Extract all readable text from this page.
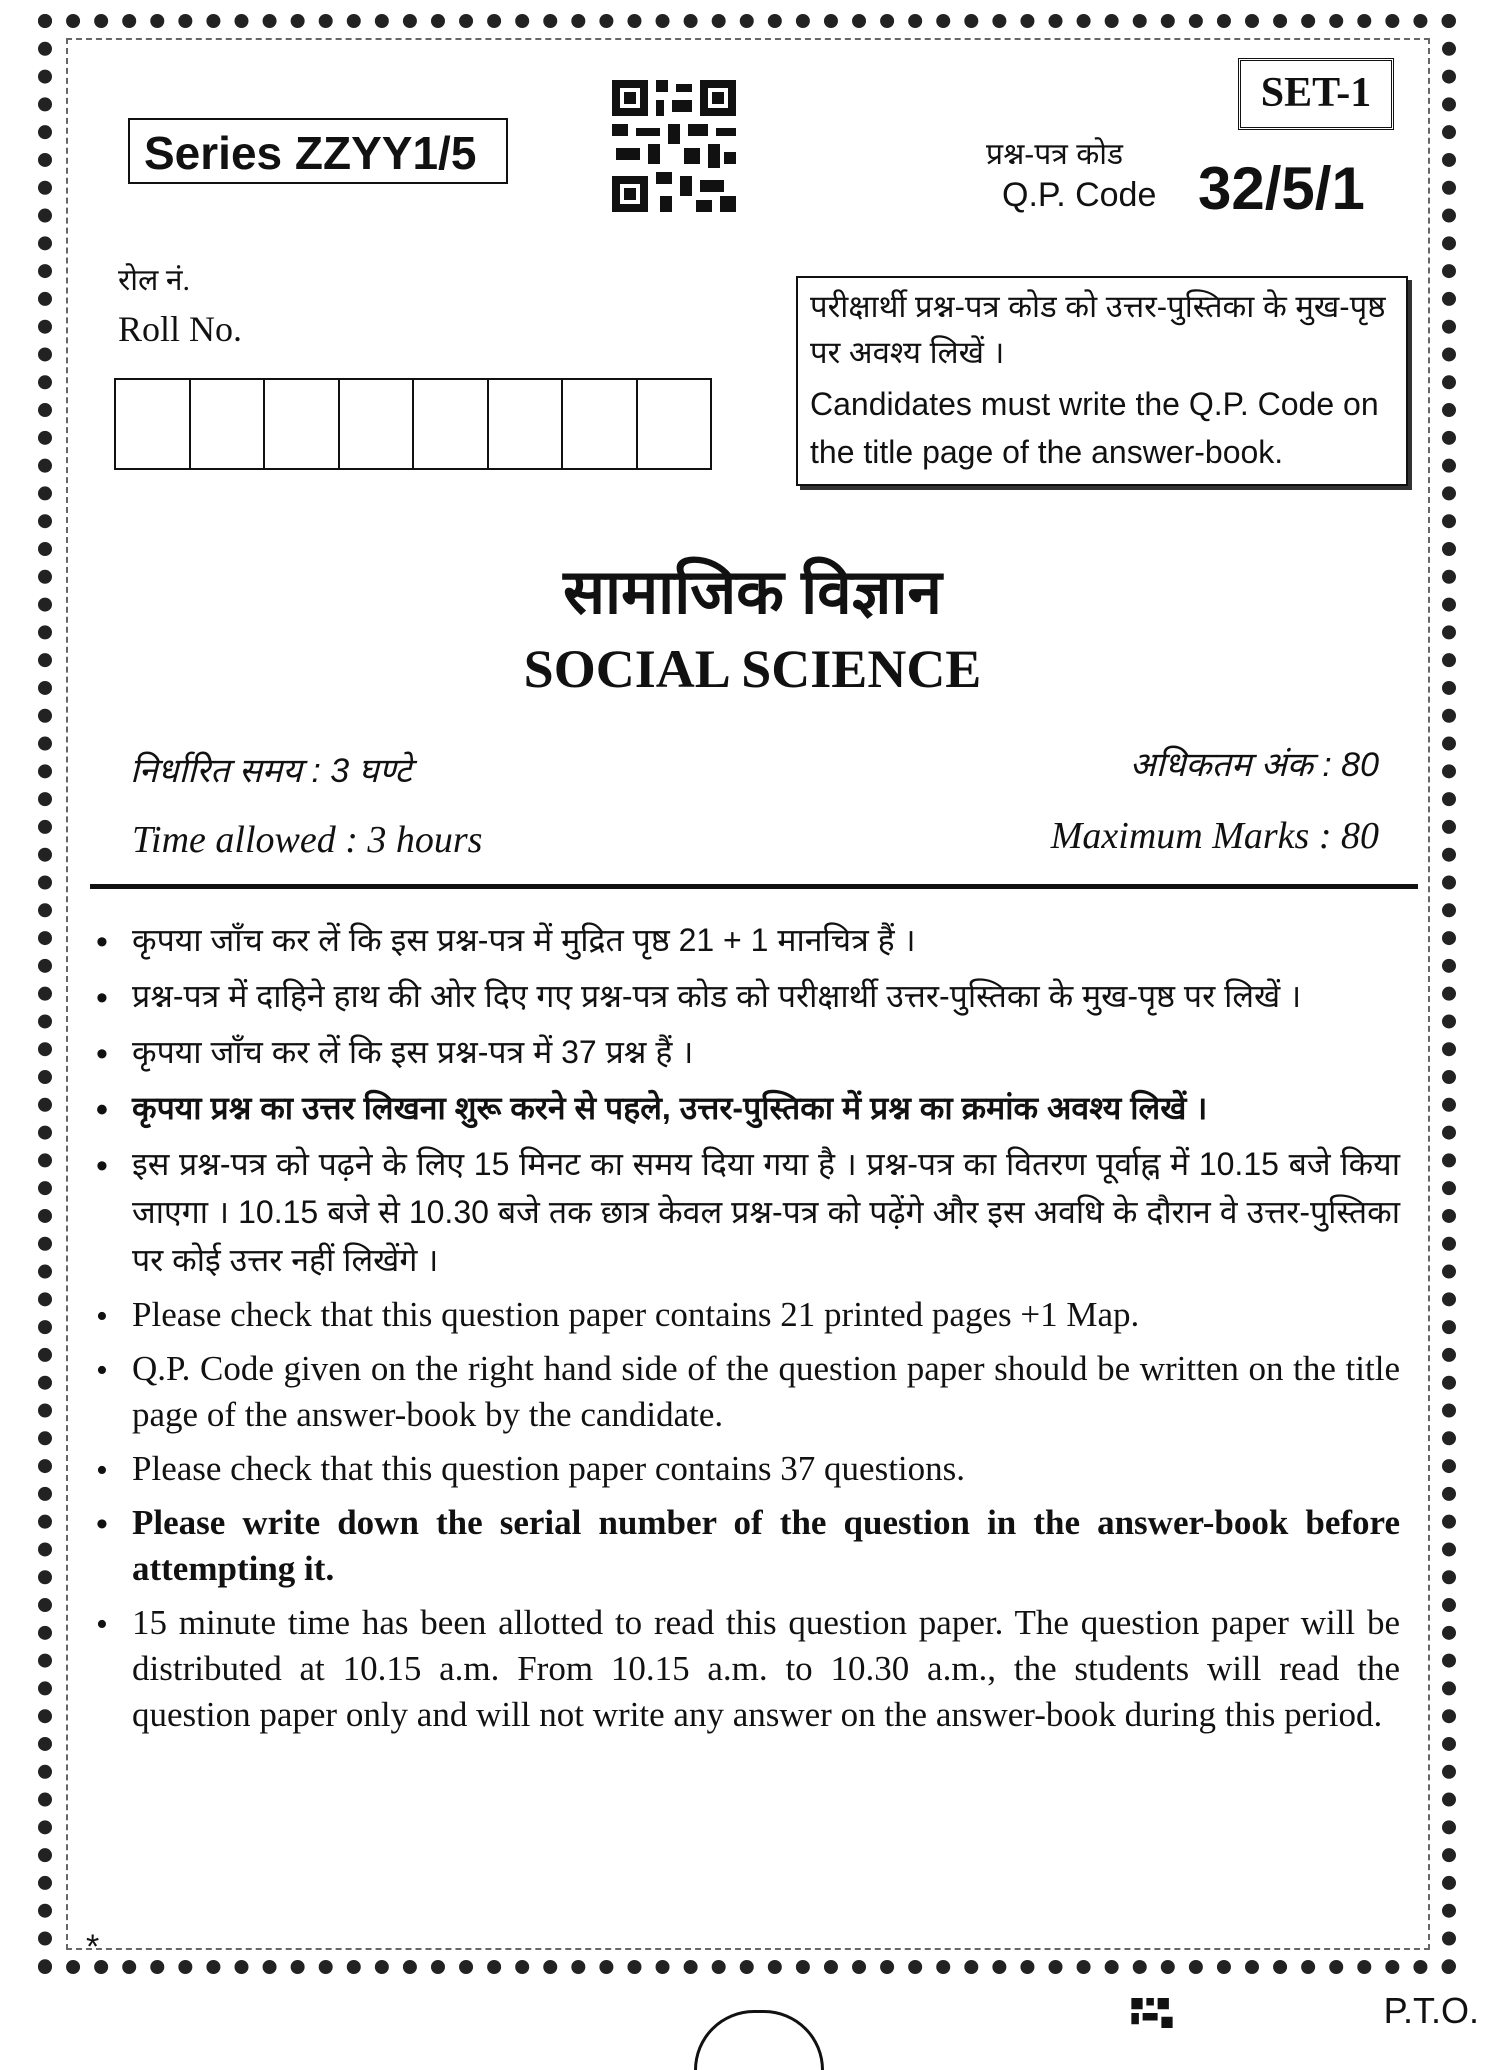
Series ZZYY1/5
SET-1
प्रश्न-पत्र कोड
Q.P. Code 32/5/1
रोल नं.
Roll No.
परीक्षार्थी प्रश्न-पत्र कोड को उत्तर-पुस्तिका के मुख-पृष्ठ पर अवश्य लिखें ।
Candidates must write the Q.P. Code on the title page of the answer-book.
सामाजिक विज्ञान
SOCIAL SCIENCE
निर्धारित समय : 3 घण्टे	अधिकतम अंक : 80
Time allowed : 3 hours	Maximum Marks : 80
• कृपया जाँच कर लें कि इस प्रश्न-पत्र में मुद्रित पृष्ठ 21 + 1 मानचित्र हैं ।
• प्रश्न-पत्र में दाहिने हाथ की ओर दिए गए प्रश्न-पत्र कोड को परीक्षार्थी उत्तर-पुस्तिका के मुख-पृष्ठ पर लिखें ।
• कृपया जाँच कर लें कि इस प्रश्न-पत्र में 37 प्रश्न हैं ।
• कृपया प्रश्न का उत्तर लिखना शुरू करने से पहले, उत्तर-पुस्तिका में प्रश्न का क्रमांक अवश्य लिखें ।
• इस प्रश्न-पत्र को पढ़ने के लिए 15 मिनट का समय दिया गया है । प्रश्न-पत्र का वितरण पूर्वाह्न में 10.15 बजे किया जाएगा । 10.15 बजे से 10.30 बजे तक छात्र केवल प्रश्न-पत्र को पढ़ेंगे और इस अवधि के दौरान वे उत्तर-पुस्तिका पर कोई उत्तर नहीं लिखेंगे ।
• Please check that this question paper contains 21 printed pages +1 Map.
• Q.P. Code given on the right hand side of the question paper should be written on the title page of the answer-book by the candidate.
• Please check that this question paper contains 37 questions.
• Please write down the serial number of the question in the answer-book before attempting it.
• 15 minute time has been allotted to read this question paper. The question paper will be distributed at 10.15 a.m. From 10.15 a.m. to 10.30 a.m., the students will read the question paper only and will not write any answer on the answer-book during this period.
*
P.T.O.
